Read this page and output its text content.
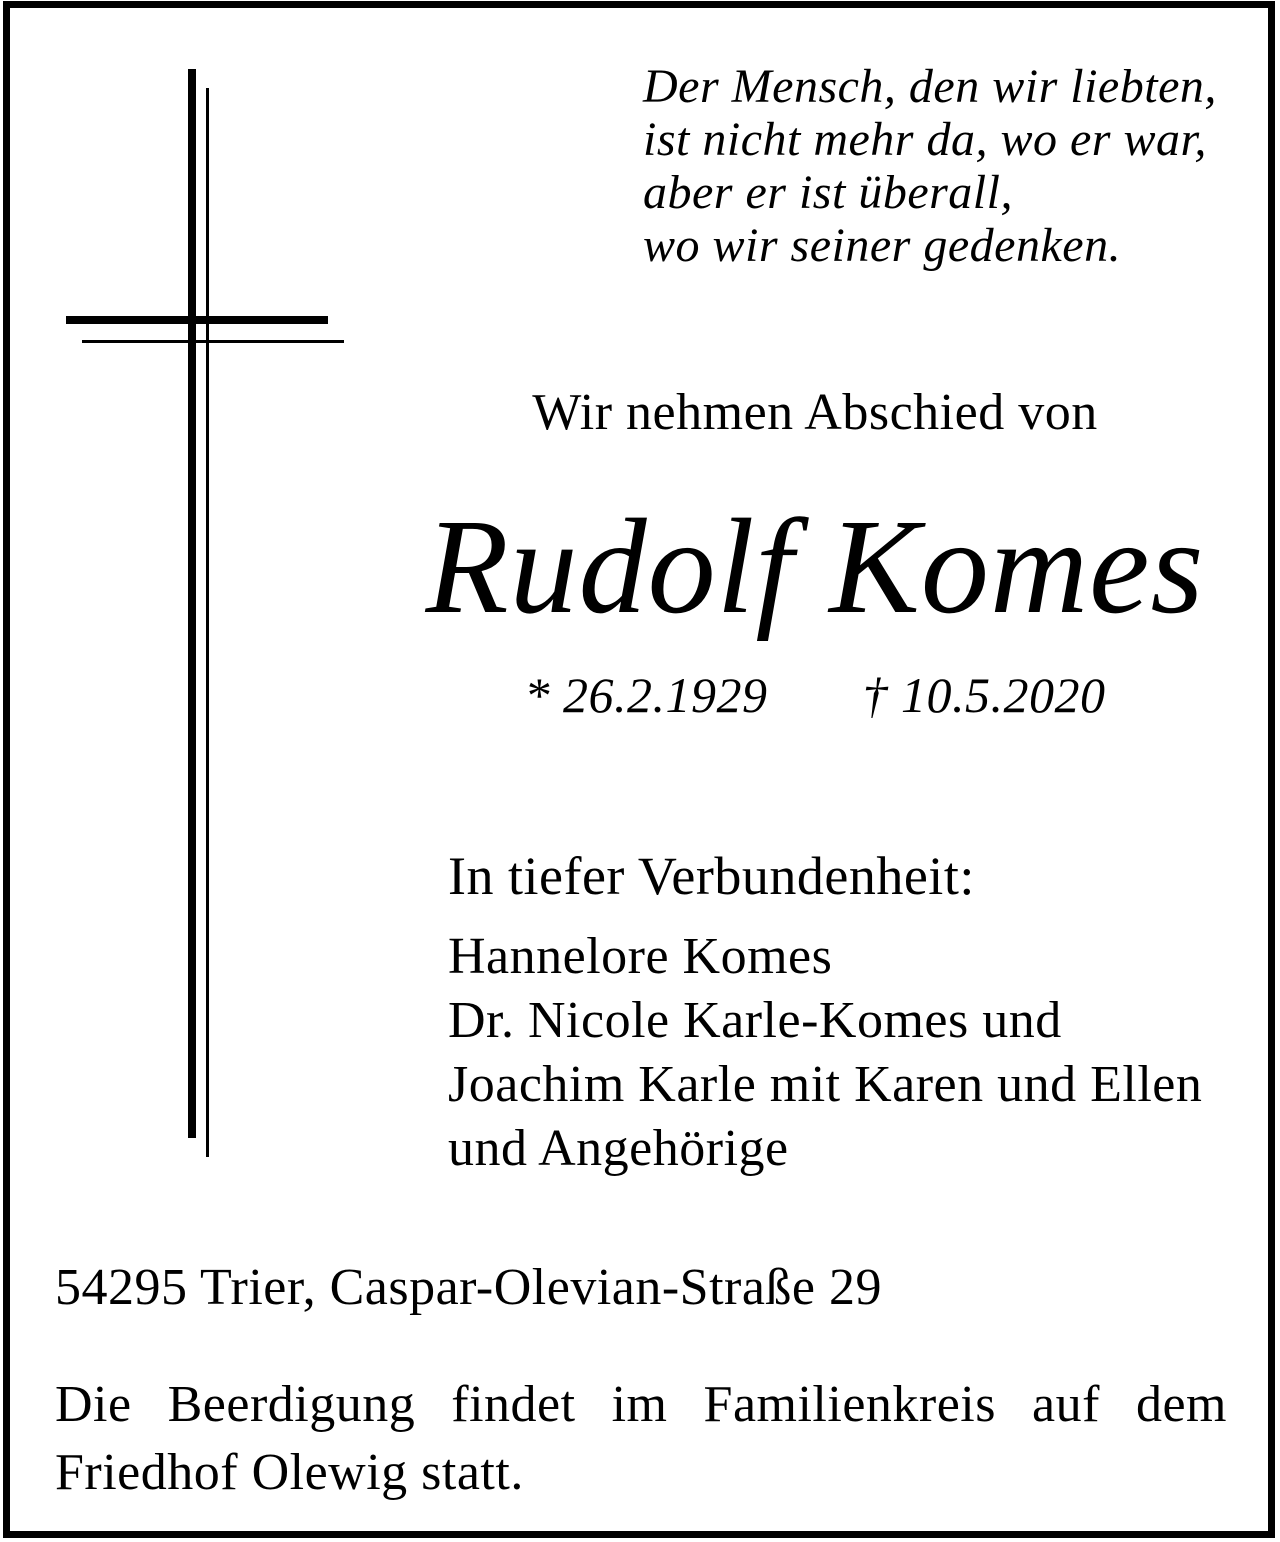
Der Mensch, den wir liebten,
ist nicht mehr da, wo er war,
aber er ist überall,
wo wir seiner gedenken.
Wir nehmen Abschied von
Rudolf Komes
* 26.2.1929 † 10.5.2020
In tiefer Verbundenheit:
Hannelore Komes
Dr. Nicole Karle-Komes und
Joachim Karle mit Karen und Ellen
und Angehörige
54295 Trier, Caspar-Olevian-Straße 29
Die Beerdigung findet im Familienkreis auf dem
Friedhof Olewig statt.
